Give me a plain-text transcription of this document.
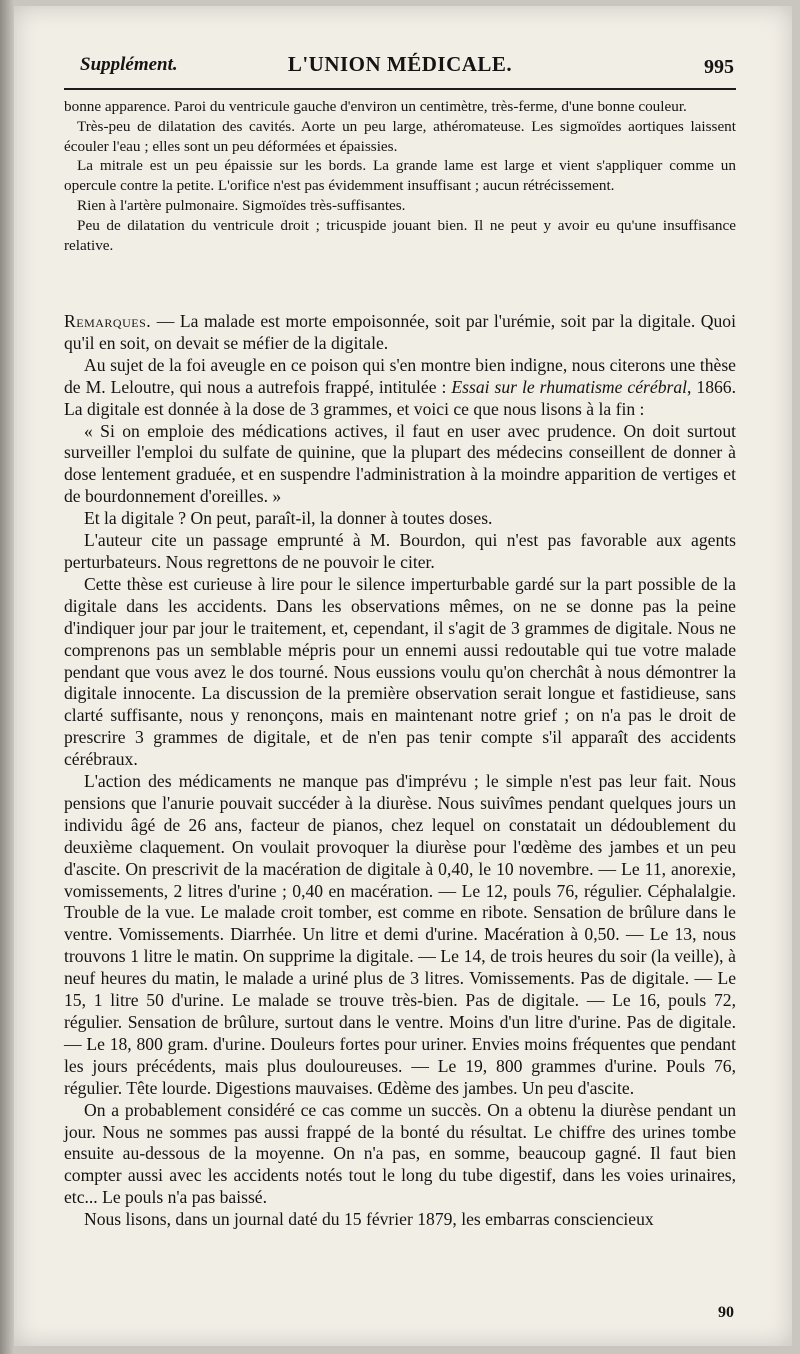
Supplément.	L'UNION MÉDICALE.	995

bonne apparence. Paroi du ventricule gauche d'environ un centimètre, très-ferme, d'une bonne couleur.

Très-peu de dilatation des cavités. Aorte un peu large, athéromateuse. Les sigmoïdes aortiques laissent écouler l'eau ; elles sont un peu déformées et épaissies.

La mitrale est un peu épaissie sur les bords. La grande lame est large et vient s'appliquer comme un opercule contre la petite. L'orifice n'est pas évidemment insuffisant ; aucun rétrécissement.

Rien à l'artère pulmonaire. Sigmoïdes très-suffisantes.

Peu de dilatation du ventricule droit ; tricuspide jouant bien. Il ne peut y avoir eu qu'une insuffisance relative.

Remarques. — La malade est morte empoisonnée, soit par l'urémie, soit par la digitale. Quoi qu'il en soit, on devait se méfier de la digitale.

Au sujet de la foi aveugle en ce poison qui s'en montre bien indigne, nous citerons une thèse de M. Leloutre, qui nous a autrefois frappé, intitulée : Essai sur le rhumatisme cérébral, 1866. La digitale est donnée à la dose de 3 grammes, et voici ce que nous lisons à la fin :

« Si on emploie des médications actives, il faut en user avec prudence. On doit surtout surveiller l'emploi du sulfate de quinine, que la plupart des médecins conseillent de donner à dose lentement graduée, et en suspendre l'administration à la moindre apparition de vertiges et de bourdonnement d'oreilles. »

Et la digitale ? On peut, paraît-il, la donner à toutes doses.

L'auteur cite un passage emprunté à M. Bourdon, qui n'est pas favorable aux agents perturbateurs. Nous regrettons de ne pouvoir le citer.

Cette thèse est curieuse à lire pour le silence imperturbable gardé sur la part possible de la digitale dans les accidents. Dans les observations mêmes, on ne se donne pas la peine d'indiquer jour par jour le traitement, et, cependant, il s'agit de 3 grammes de digitale. Nous ne comprenons pas un semblable mépris pour un ennemi aussi redoutable qui tue votre malade pendant que vous avez le dos tourné. Nous eussions voulu qu'on cherchât à nous démontrer la digitale innocente. La discussion de la première observation serait longue et fastidieuse, sans clarté suffisante, nous y renonçons, mais en maintenant notre grief ; on n'a pas le droit de prescrire 3 grammes de digitale, et de n'en pas tenir compte s'il apparaît des accidents cérébraux.

L'action des médicaments ne manque pas d'imprévu ; le simple n'est pas leur fait. Nous pensions que l'anurie pouvait succéder à la diurèse. Nous suivîmes pendant quelques jours un individu âgé de 26 ans, facteur de pianos, chez lequel on constatait un dédoublement du deuxième claquement. On voulait provoquer la diurèse pour l'œdème des jambes et un peu d'ascite. On prescrivit de la macération de digitale à 0,40, le 10 novembre. — Le 11, anorexie, vomissements, 2 litres d'urine ; 0,40 en macération. — Le 12, pouls 76, régulier. Céphalalgie. Trouble de la vue. Le malade croit tomber, est comme en ribote. Sensation de brûlure dans le ventre. Vomissements. Diarrhée. Un litre et demi d'urine. Macération à 0,50. — Le 13, nous trouvons 1 litre le matin. On supprime la digitale. — Le 14, de trois heures du soir (la veille), à neuf heures du matin, le malade a uriné plus de 3 litres. Vomissements. Pas de digitale. — Le 15, 1 litre 50 d'urine. Le malade se trouve très-bien. Pas de digitale. — Le 16, pouls 72, régulier. Sensation de brûlure, surtout dans le ventre. Moins d'un litre d'urine. Pas de digitale. — Le 18, 800 gram. d'urine. Douleurs fortes pour uriner. Envies moins fréquentes que pendant les jours précédents, mais plus douloureuses. — Le 19, 800 grammes d'urine. Pouls 76, régulier. Tête lourde. Digestions mauvaises. Œdème des jambes. Un peu d'ascite.

On a probablement considéré ce cas comme un succès. On a obtenu la diurèse pendant un jour. Nous ne sommes pas aussi frappé de la bonté du résultat. Le chiffre des urines tombe ensuite au-dessous de la moyenne. On n'a pas, en somme, beaucoup gagné. Il faut bien compter aussi avec les accidents notés tout le long du tube digestif, dans les voies urinaires, etc... Le pouls n'a pas baissé.

Nous lisons, dans un journal daté du 15 février 1879, les embarras consciencieux

90
